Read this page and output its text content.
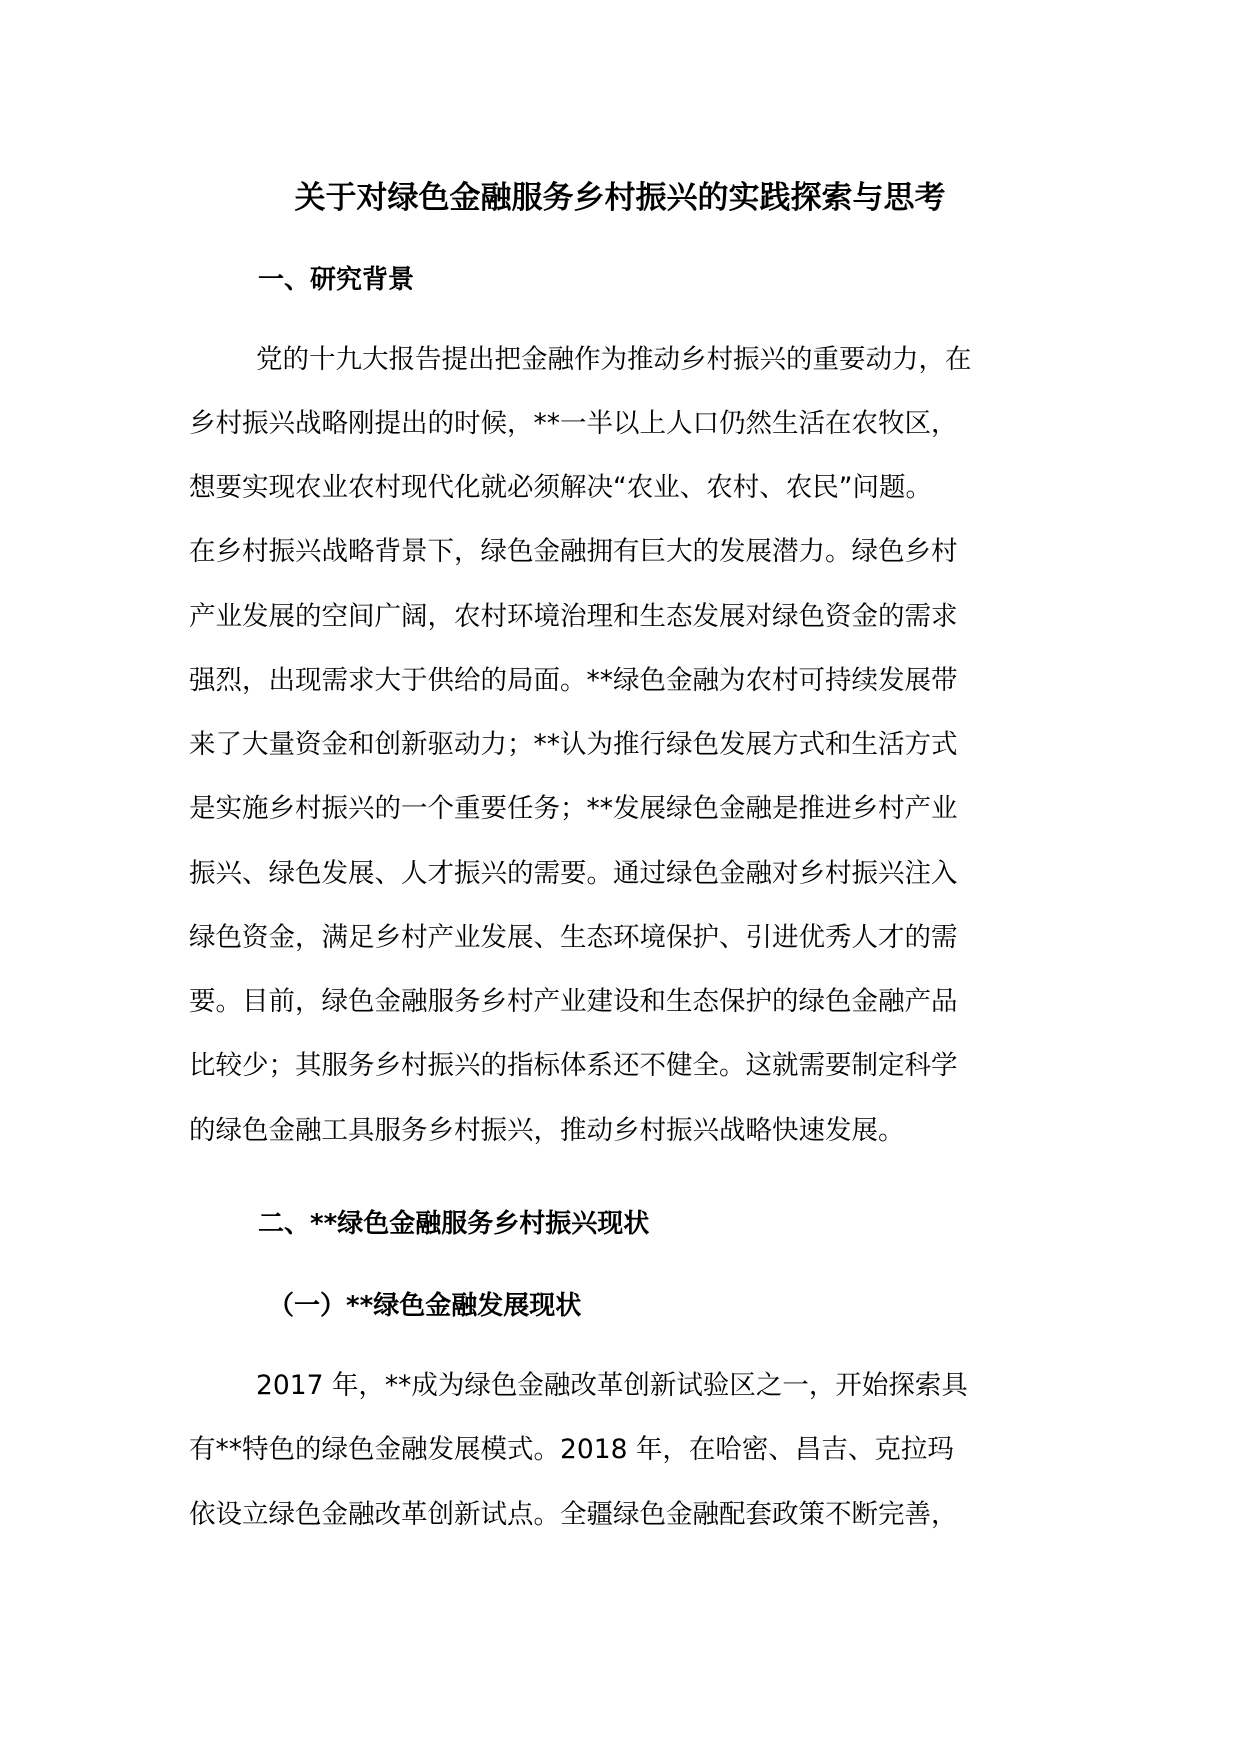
关于对绿色金融服务乡村振兴的实践探索与思考
一、研究背景

党的十九大报告提出把金融作为推动乡村振兴的重要动力，在

乡村振兴战略刚提出的时候，**一半以上人口仍然生活在农牧区，

想要实现农业农村现代化就必须解决“农业、农村、农民”问题。

在乡村振兴战略背景下，绿色金融拥有巨大的发展潜力。绿色乡村

产业发展的空间广阔，农村环境治理和生态发展对绿色资金的需求

强烈，出现需求大于供给的局面。**绿色金融为农村可持续发展带

来了大量资金和创新驱动力；**认为推行绿色发展方式和生活方式

是实施乡村振兴的一个重要任务；**发展绿色金融是推进乡村产业

振兴、绿色发展、人才振兴的需要。通过绿色金融对乡村振兴注入

绿色资金，满足乡村产业发展、生态环境保护、引进优秀人才的需

要。目前，绿色金融服务乡村产业建设和生态保护的绿色金融产品

比较少；其服务乡村振兴的指标体系还不健全。这就需要制定科学

的绿色金融工具服务乡村振兴，推动乡村振兴战略快速发展。

二、**绿色金融服务乡村振兴现状
（一）**绿色金融发展现状

2017 年，**成为绿色金融改革创新试验区之一，开始探索具

有**特色的绿色金融发展模式。2018 年，在哈密、昌吉、克拉玛

依设立绿色金融改革创新试点。全疆绿色金融配套政策不断完善，
